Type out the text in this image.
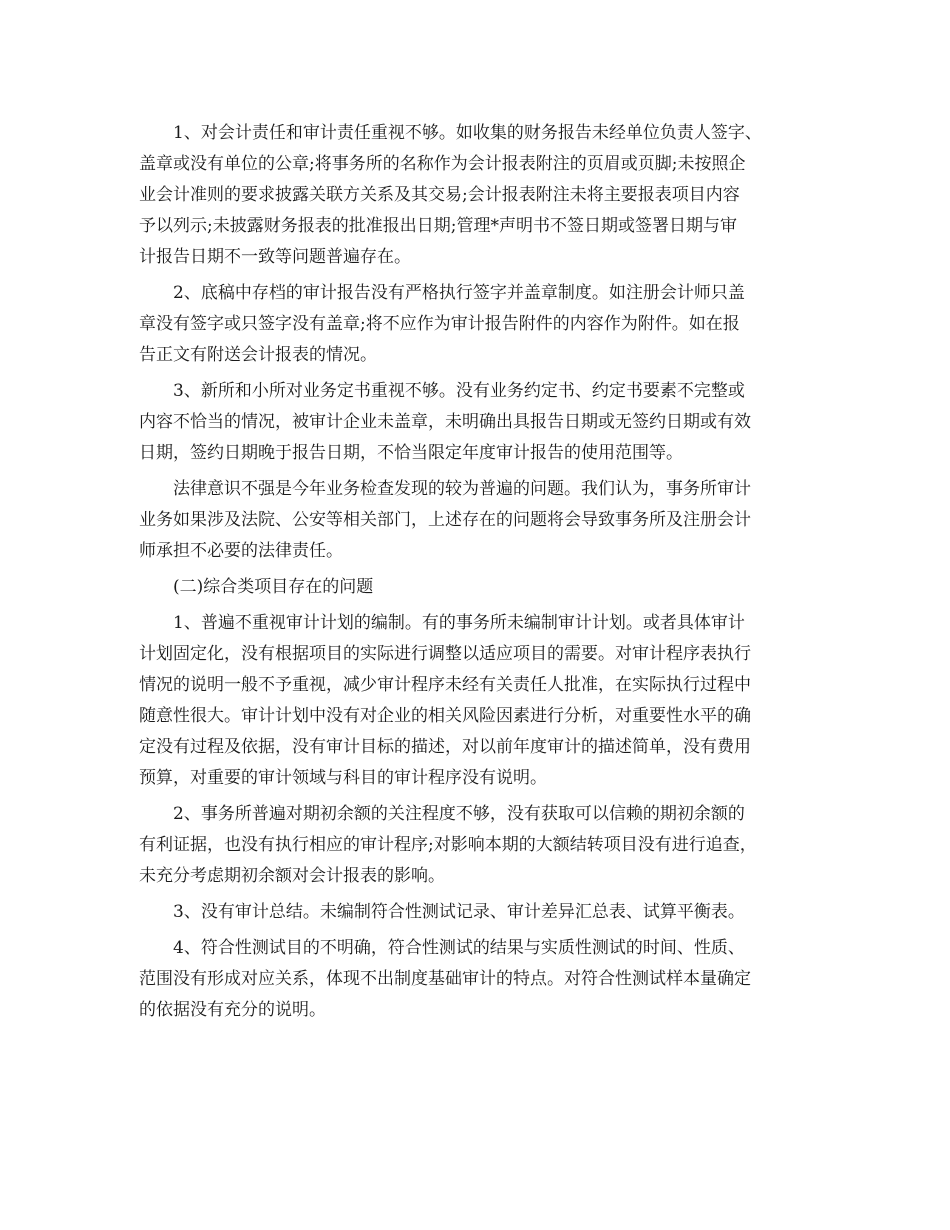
1、对会计责任和审计责任重视不够。如收集的财务报告未经单位负责人签字、
盖章或没有单位的公章;将事务所的名称作为会计报表附注的页眉或页脚;未按照企
业会计准则的要求披露关联方关系及其交易;会计报表附注未将主要报表项目内容
予以列示;未披露财务报表的批准报出日期;管理*声明书不签日期或签署日期与审
计报告日期不一致等问题普遍存在。

2、底稿中存档的审计报告没有严格执行签字并盖章制度。如注册会计师只盖
章没有签字或只签字没有盖章;将不应作为审计报告附件的内容作为附件。如在报
告正文有附送会计报表的情况。

3、新所和小所对业务定书重视不够。没有业务约定书、约定书要素不完整或
内容不恰当的情况，被审计企业未盖章，未明确出具报告日期或无签约日期或有效
日期，签约日期晚于报告日期，不恰当限定年度审计报告的使用范围等。

法律意识不强是今年业务检查发现的较为普遍的问题。我们认为，事务所审计
业务如果涉及法院、公安等相关部门，上述存在的问题将会导致事务所及注册会计
师承担不必要的法律责任。

(二)综合类项目存在的问题

1、普遍不重视审计计划的编制。有的事务所未编制审计计划。或者具体审计
计划固定化，没有根据项目的实际进行调整以适应项目的需要。对审计程序表执行
情况的说明一般不予重视，减少审计程序未经有关责任人批准，在实际执行过程中
随意性很大。审计计划中没有对企业的相关风险因素进行分析，对重要性水平的确
定没有过程及依据，没有审计目标的描述，对以前年度审计的描述简单，没有费用
预算，对重要的审计领域与科目的审计程序没有说明。

2、事务所普遍对期初余额的关注程度不够，没有获取可以信赖的期初余额的
有利证据，也没有执行相应的审计程序;对影响本期的大额结转项目没有进行追查，
未充分考虑期初余额对会计报表的影响。

3、没有审计总结。未编制符合性测试记录、审计差异汇总表、试算平衡表。

4、符合性测试目的不明确，符合性测试的结果与实质性测试的时间、性质、
范围没有形成对应关系，体现不出制度基础审计的特点。对符合性测试样本量确定
的依据没有充分的说明。
